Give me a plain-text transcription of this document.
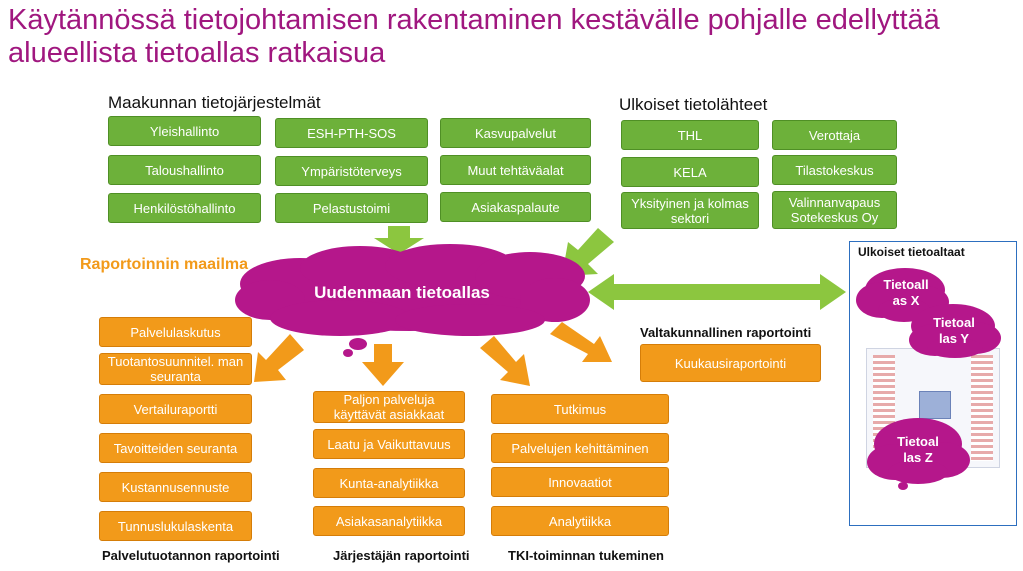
Käytännössä tietojohtamisen rakentaminen kestävälle pohjalle edellyttää alueellista tietoallas ratkaisua
Maakunnan tietojärjestelmät	Ulkoiset tietolähteet
Yleishallinto	ESH-PTH-SOS	Kasvupalvelut
Taloushallinto	Ympäristöterveys	Muut tehtäväalat
Henkilöstöhallinto	Pelastustoimi	Asiakaspalaute
THL	Verottaja
KELA	Tilastokeskus
Yksityinen ja kolmas sektori
Valinnanvapaus Sotekeskus Oy
Uudenmaan tietoallas
Raportoinnin maailma
Ulkoiset tietoaltaat
Tietoall
as X
Tietoal
las Y
Tietoal
las Z
Palvelulaskutus
Tuotantosuunnitel. man seuranta
Vertailuraportti
Tavoitteiden seuranta
Kustannusennuste
Tunnuslukulaskenta
Palvelutuotannon raportointi
Paljon palveluja käyttävät asiakkaat
Laatu ja Vaikuttavuus
Kunta-analytiikka
Asiakasanalytiikka
Järjestäjän raportointi
Tutkimus
Palvelujen kehittäminen
Innovaatiot
Analytiikka
TKI-toiminnan tukeminen
Valtakunnallinen raportointi
Kuukausiraportointi
